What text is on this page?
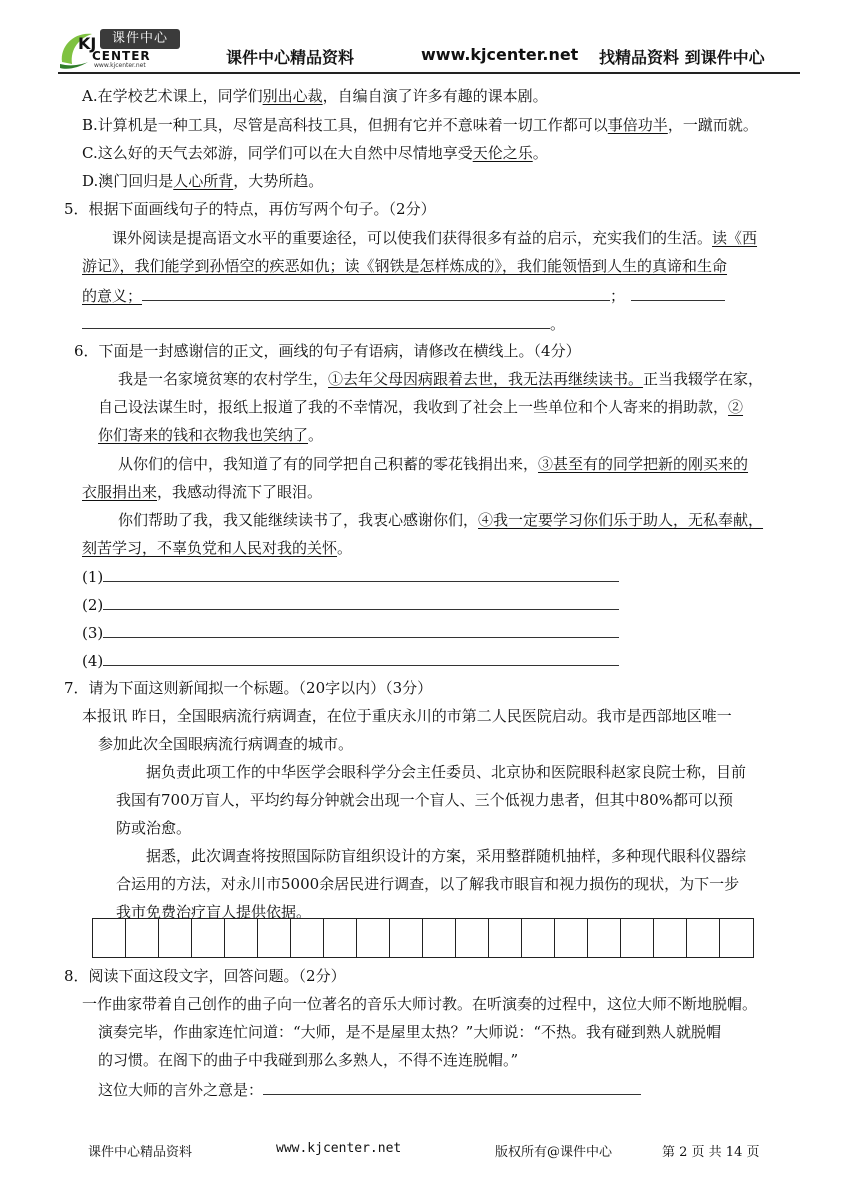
课件中心
KJ
CENTER
www.kjcenter.net	课件中心精品资料	www.kjcenter.net 找精品资料 到课件中心
A.在学校艺术课上，同学们别出心裁，自编自演了许多有趣的课本剧。
B.计算机是一种工具，尽管是高科技工具，但拥有它并不意味着一切工作都可以事倍功半，一蹴而就。
C.这么好的天气去郊游，同学们可以在大自然中尽情地享受天伦之乐。
D.澳门回归是人心所背，大势所趋。
5．根据下面画线句子的特点，再仿写两个句子。（2分）
课外阅读是提高语文水平的重要途径，可以使我们获得很多有益的启示，充实我们的生活。读《西
游记》，我们能学到孙悟空的疾恶如仇；读《钢铁是怎样炼成的》，我们能领悟到人生的真谛和生命
的意义；	；
。
6．下面是一封感谢信的正文，画线的句子有语病，请修改在横线上。（4分）
我是一名家境贫寒的农村学生，①去年父母因病跟着去世，我无法再继续读书。正当我辍学在家，
自己设法谋生时，报纸上报道了我的不幸情况，我收到了社会上一些单位和个人寄来的捐助款，②
你们寄来的钱和衣物我也笑纳了。
从你们的信中，我知道了有的同学把自己积蓄的零花钱捐出来，③甚至有的同学把新的刚买来的
衣服捐出来，我感动得流下了眼泪。
你们帮助了我，我又能继续读书了，我衷心感谢你们，④我一定要学习你们乐于助人，无私奉献，
刻苦学习，不辜负党和人民对我的关怀。
(1)
(2)
(3)
(4)
7．请为下面这则新闻拟一个标题。（20字以内）（3分）
本报讯 昨日，全国眼病流行病调查，在位于重庆永川的市第二人民医院启动。我市是西部地区唯一
参加此次全国眼病流行病调查的城市。
据负责此项工作的中华医学会眼科学分会主任委员、北京协和医院眼科赵家良院士称，目前
我国有700万盲人，平均约每分钟就会出现一个盲人、三个低视力患者，但其中80%都可以预
防或治愈。
据悉，此次调查将按照国际防盲组织设计的方案，采用整群随机抽样，多种现代眼科仪器综
合运用的方法，对永川市5000余居民进行调查，以了解我市眼盲和视力损伤的现状，为下一步
我市免费治疗盲人提供依据。
8．阅读下面这段文字，回答问题。（2分）
一作曲家带着自己创作的曲子向一位著名的音乐大师讨教。在听演奏的过程中，这位大师不断地脱帽。
演奏完毕，作曲家连忙问道：“大师，是不是屋里太热？”大师说：“不热。我有碰到熟人就脱帽
的习惯。在阁下的曲子中我碰到那么多熟人，不得不连连脱帽。”
这位大师的言外之意是：
课件中心精品资料	www.kjcenter.net	版权所有@课件中心	第 2 页 共 14 页
